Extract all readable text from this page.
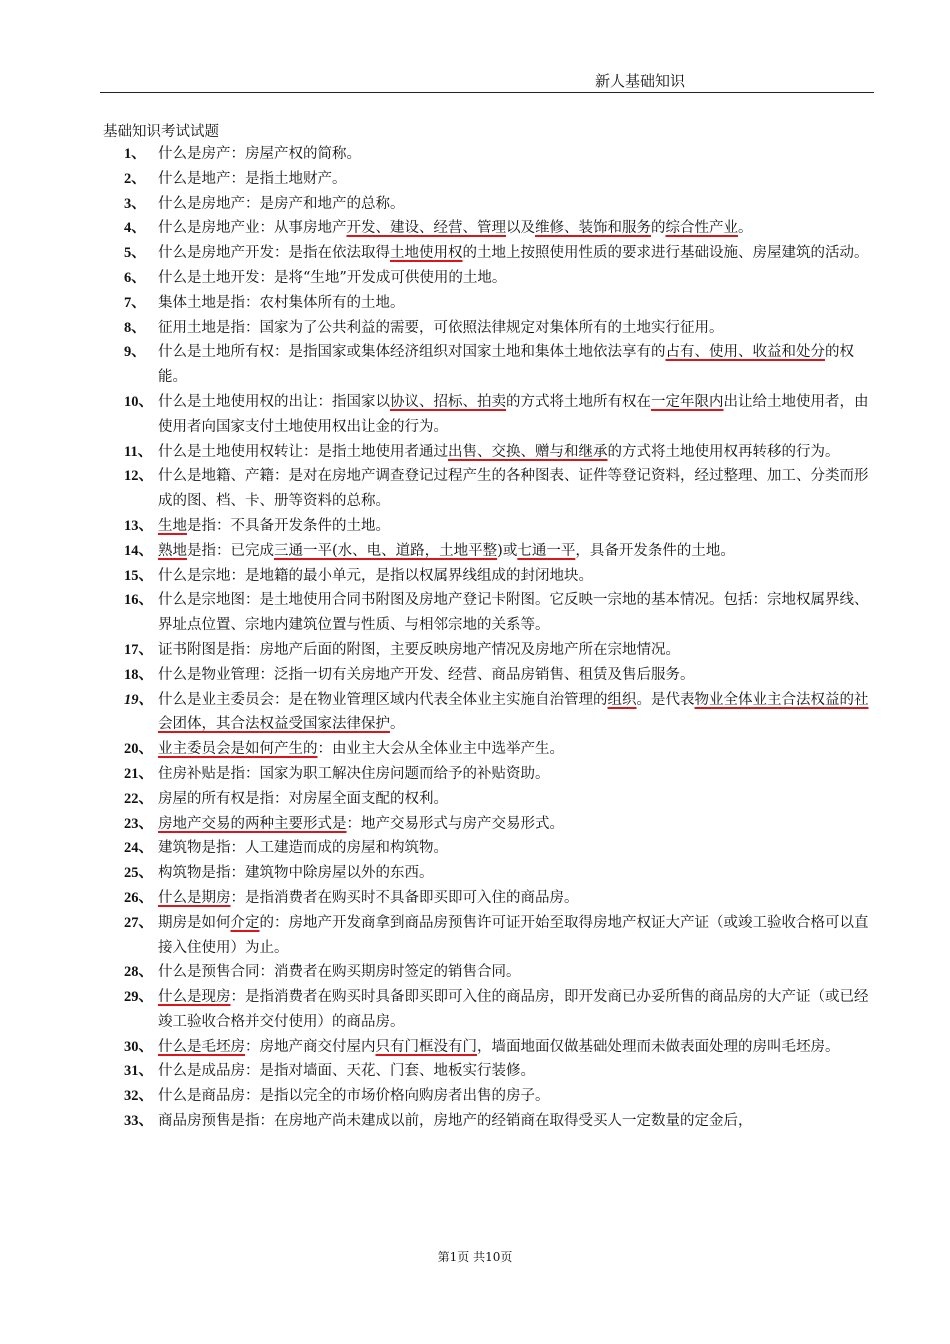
新人基础知识
基础知识考试试题
1、 什么是房产：房屋产权的简称。
2、 什么是地产：是指土地财产。
3、 什么是房地产：是房产和地产的总称。
4、 什么是房地产业：从事房地产开发、建设、经营、管理以及维修、装饰和服务的综合性产业。
5、 什么是房地产开发：是指在依法取得土地使用权的土地上按照使用性质的要求进行基础设施、房屋建筑的活动。
6、 什么是土地开发：是将“生地”开发成可供使用的土地。
7、 集体土地是指：农村集体所有的土地。
8、 征用土地是指：国家为了公共利益的需要，可依照法律规定对集体所有的土地实行征用。
9、 什么是土地所有权：是指国家或集体经济组织对国家土地和集体土地依法享有的占有、使用、收益和处分的权能。
10、 什么是土地使用权的出让：指国家以协议、招标、拍卖的方式将土地所有权在一定年限内出让给土地使用者，由使用者向国家支付土地使用权出让金的行为。
11、 什么是土地使用权转让：是指土地使用者通过出售、交换、赠与和继承的方式将土地使用权再转移的行为。
12、 什么是地籍、产籍：是对在房地产调查登记过程产生的各种图表、证件等登记资料，经过整理、加工、分类而形成的图、档、卡、册等资料的总称。
13、 生地是指：不具备开发条件的土地。
14、 熟地是指：已完成三通一平(水、电、道路，土地平整)或七通一平，具备开发条件的土地。
15、 什么是宗地：是地籍的最小单元，是指以权属界线组成的封闭地块。
16、 什么是宗地图：是土地使用合同书附图及房地产登记卡附图。它反映一宗地的基本情况。包括：宗地权属界线、界址点位置、宗地内建筑位置与性质、与相邻宗地的关系等。
17、 证书附图是指：房地产后面的附图，主要反映房地产情况及房地产所在宗地情况。
18、 什么是物业管理：泛指一切有关房地产开发、经营、商品房销售、租赁及售后服务。
19、 什么是业主委员会：是在物业管理区域内代表全体业主实施自治管理的组织。是代表物业全体业主合法权益的社会团体，其合法权益受国家法律保护。
20、 业主委员会是如何产生的：由业主大会从全体业主中选举产生。
21、 住房补贴是指：国家为职工解决住房问题而给予的补贴资助。
22、 房屋的所有权是指：对房屋全面支配的权利。
23、 房地产交易的两种主要形式是：地产交易形式与房产交易形式。
24、 建筑物是指：人工建造而成的房屋和构筑物。
25、 构筑物是指：建筑物中除房屋以外的东西。
26、 什么是期房：是指消费者在购买时不具备即买即可入住的商品房。
27、 期房是如何介定的：房地产开发商拿到商品房预售许可证开始至取得房地产权证大产证（或竣工验收合格可以直接入住使用）为止。
28、 什么是预售合同：消费者在购买期房时签定的销售合同。
29、 什么是现房：是指消费者在购买时具备即买即可入住的商品房，即开发商已办妥所售的商品房的大产证（或已经竣工验收合格并交付使用）的商品房。
30、 什么是毛坯房：房地产商交付屋内只有门框没有门，墙面地面仅做基础处理而未做表面处理的房叫毛坯房。
31、 什么是成品房：是指对墙面、天花、门套、地板实行装修。
32、 什么是商品房：是指以完全的市场价格向购房者出售的房子。
33、 商品房预售是指：在房地产尚未建成以前，房地产的经销商在取得受买人一定数量的定金后，
第1页 共10页
